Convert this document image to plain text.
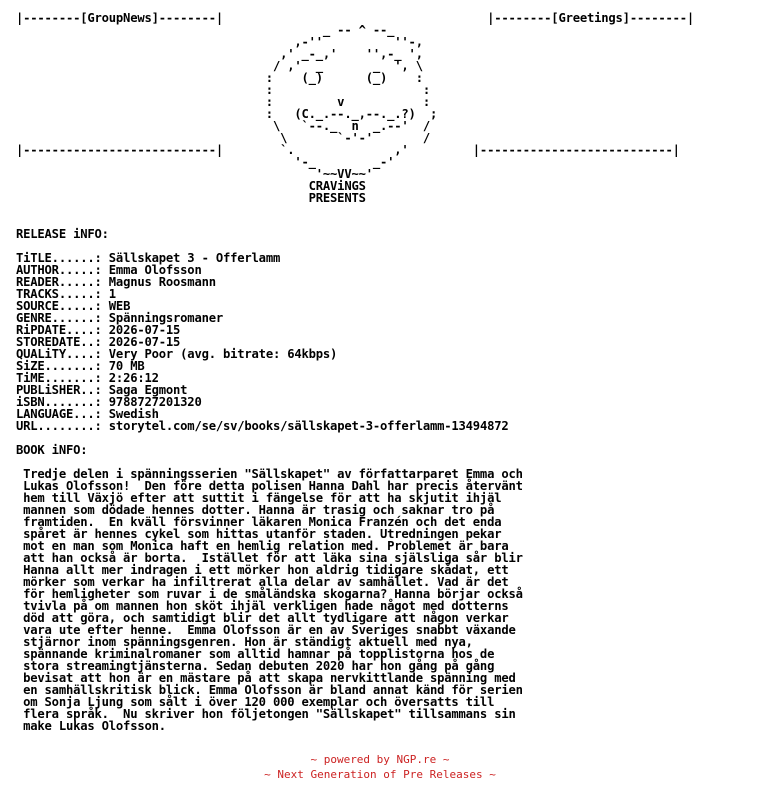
|--------[GroupNews]--------|                                     |--------[Greetings]--------|
_ -- ^ --_
,-''          ''-,
,' _-_,'    '',-_ ',
/ ,'  _       _  ', \
:    (_)      (_)    :
:                     :
:         v           :
:   (C._.--._,--._.?)  ;
\   `--._  n  _.--'  /
\       `-'-'       /
|---------------------------|        `.              ,'         |---------------------------|
'-_        _-'
'~~VV~~'
CRAViNGS
PRESENTS

RELEASE iNFO:

TiTLE......: Sällskapet 3 - Offerlamm
AUTHOR.....: Emma Olofsson
READER.....: Magnus Roosmann
TRACKS.....: 1
SOURCE.....: WEB
GENRE......: Spänningsromaner
RiPDATE....: 2026-07-15
STOREDATE..: 2026-07-15
QUALiTY....: Very Poor (avg. bitrate: 64kbps)
SiZE.......: 70 MB
TiME.......: 2:26:12
PUBLiSHER..: Saga Egmont
iSBN.......: 9788727201320
LANGUAGE...: Swedish
URL........: storytel.com/se/sv/books/sällskapet-3-offerlamm-13494872

BOOK iNFO:

Tredje delen i spänningsserien "Sällskapet" av författarparet Emma och
Lukas Olofsson!  Den före detta polisen Hanna Dahl har precis återvänt
hem till Växjö efter att suttit i fängelse för att ha skjutit ihjäl
mannen som dödade hennes dotter. Hanna är trasig och saknar tro på
framtiden.  En kväll försvinner läkaren Monica Franzén och det enda
spåret är hennes cykel som hittas utanför staden. Utredningen pekar
mot en man som Monica haft en hemlig relation med. Problemet är bara
att han också är borta.  Istället för att läka sina själsliga sår blir
Hanna allt mer indragen i ett mörker hon aldrig tidigare skådat, ett
mörker som verkar ha infiltrerat alla delar av samhället. Vad är det
för hemligheter som ruvar i de småländska skogarna? Hanna börjar också
tvivla på om mannen hon sköt ihjäl verkligen hade något med dotterns
död att göra, och samtidigt blir det allt tydligare att någon verkar
vara ute efter henne.  Emma Olofsson är en av Sveriges snabbt växande
stjärnor inom spänningsgenren. Hon är ständigt aktuell med nya,
spännande kriminalromaner som alltid hamnar på topplistorna hos de
stora streamingtjänsterna. Sedan debuten 2020 har hon gång på gång
bevisat att hon är en mästare på att skapa nervkittlande spänning med
en samhällskritisk blick. Emma Olofsson är bland annat känd för serien
om Sonja Ljung som sålt i över 120 000 exemplar och översatts till
flera språk.  Nu skriver hon följetongen "Sällskapet" tillsammans sin
make Lukas Olofsson.
~ powered by NGP.re ~
~ Next Generation of Pre Releases ~
